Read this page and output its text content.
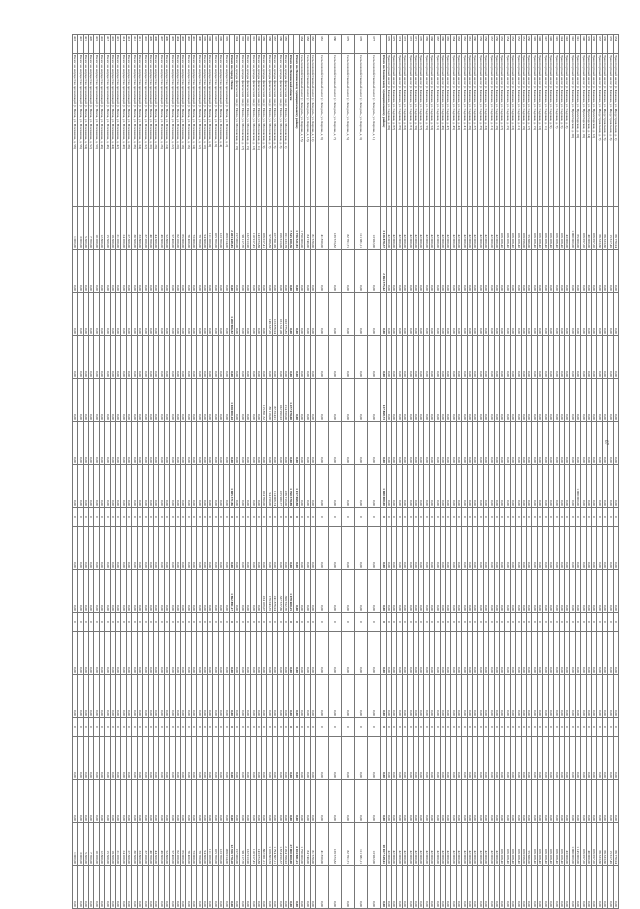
334	Транспортный налог (г. Каменка, ул. Индустриальная, д. 1)	66 770,94	0,00	0,00	0,00	0,00	0,00	0,00	0	0,00	0,00	0	0,00	0,00	0	0,00	0,00	66 770,94	0,00
335	Транспортный налог (г. Каменка, ул. Индустриальная, д. 3)	15 617,46	0,00	0,00	0,00	0,00	0,00	0,00	0	0,00	0,00	0	0,00	0,00	0	0,00	0,00	15 617,46	0,00
336	Транспортный налог (г. Каменка, ул. Индустриальная, д. 5)	66 333,60	0,00	0,00	0,00	0,00	0,00	0,00	0	0,00	0,00	0	0,00	0,00	0	0,00	0,00	66 333,60	0,00
337	Транспортный налог (г. Каменка, ул. Индустриальная, д. 7)	66 333,60	0,00	0,00	0,00	0,00	0,00	0,00	0	0,00	0,00	0	0,00	0,00	0	0,00	0,00	66 333,60	0,00
338	Транспортный налог (г. Каменка, ул. Пролетарская, д. 12)	106 057,20	0,00	0,00	0,00	0,00	0,00	0,00	0	0,00	0,00	0	0,00	0,00	0	0,00	0,00	106 057,20	0,00
339	Транспортный налог (г. Каменка, ул. Пролетарская, д. 14)	40 000,00	0,00	0,00	0,00	0,00	0,00	0,00	0	0,00	0,00	0	0,00	0,00	0	0,00	0,00	40 000,00	0,00
340	Транспортный налог (г. Каменка, ул. Пролетарская, д. 16)	106 057,20	0,00	0,00	0,00	0,00	0,00	0,00	0	0,00	0,00	0	0,00	0,00	0	0,00	0,00	106 057,20	0,00
341	Транспортный налог (г. Каменка, ул. Пролетарская, д. 18)	65 000,00	0,00	0,00	0,00	0,00	0,00	1 080 000,00	0	0,00	0,00	0	0,00	0,00	0	0,00	0,00	1 145 000,00	0,00
342	Транспортный налог (г. Каменка, ул. Пролетарская, д. 20)	1 080 000,00	0,00	0,00	0,00	0,00	0,00	0,00	0	0,00	0,00	0	0,00	0,00	0	0,00	0,00	1 080 000,00	0,00
343	Транспортный налог (г. Каменка, ул. Садовая, д. 3)	43 000,00	0,00	0,00	0,00	0,00	0,00	0,00	0	0,00	0,00	0	0,00	0,00	0	0,00	0,00	43 000,00	0,00
344	Транспортный налог (г. Каменка, ул. Садовая, д. 5)	106 208,40	0,00	0,00	0,00	0,00	0,00	0,00	0	0,00	0,00	0	0,00	0,00	0	0,00	0,00	106 208,40	0,00
345	Транспортный налог (г. Каменка, ул. Садовая, д. 7)	106 208,40	0,00	0,00	0,00	0,00	0,00	0,00	0	0,00	0,00	0	0,00	0,00	0	0,00	0,00	106 208,40	0,00
346	Транспортный налог (г. Каменка, ул. Садовая, д. 9)	106 208,40	0,00	0,00	0,00	0,00	0,00	0,00	0	0,00	0,00	0	0,00	0,00	0	0,00	0,00	106 208,40	0,00
347	Транспортный налог (г. Каменка, ул. Садовая, д. 11)	106 208,40	0,00	0,00	0,00	0,00	0,00	0,00	0	0,00	0,00	0	0,00	0,00	0	0,00	0,00	106 208,40	0,00
348	Транспортный налог (г. Каменка, ул. Садовая, д. 13)	106 208,40	0,00	0,00	0,00	0,00	0,00	0,00	0	0,00	0,00	0	0,00	0,00	0	0,00	0,00	106 208,40	0,00
349	Транспортный налог (г. Каменка, ул. Садовая, д. 15)	106 208,40	0,00	0,00	0,00	0,00	0,00	0,00	0	0,00	0,00	0	0,00	0,00	0	0,00	0,00	106 208,40	0,00
350	Транспортный налог (г. Каменка, ул. Садовая, д. 17)	55 680,00	0,00	0,00	0,00	0,00	0,00	0,00	0	0,00	0,00	0	0,00	0,00	0	0,00	0,00	55 680,00	0,00
351	Транспортный налог (г. Каменка, ул. Садовая, д. 19)	108 058,00	0,00	0,00	0,00	0,00	0,00	0,00	0	0,00	0,00	0	0,00	0,00	0	0,00	0,00	108 058,00	0,00
352	Транспортный налог (г. Каменка, ул. Садовая, д. 21)	106 208,40	0,00	0,00	0,00	0,00	0,00	0,00	0	0,00	0,00	0	0,00	0,00	0	0,00	0,00	106 208,40	0,00
353	Транспортный налог (г. Каменка, ул. Садовая, д. 23)	106 208,40	0,00	0,00	0,00	0,00	0,00	0,00	0	0,00	0,00	0	0,00	0,00	0	0,00	0,00	106 208,40	0,00
354	Транспортный налог (г. Каменка, ул. Садовая, д. 25)	106 208,40	0,00	0,00	0,00	0,00	0,00	0,00	0	0,00	0,00	0	0,00	0,00	0	0,00	0,00	106 208,40	0,00
355	Транспортный налог (г. Каменка, ул. Садовая, д. 27)	106 208,40	0,00	0,00	0,00	0,00	0,00	0,00	0	0,00	0,00	0	0,00	0,00	0	0,00	0,00	106 208,40	0,00
356	Транспортный налог (г. Каменка, ул. Садовая, д. 29)	42 000,00	0,00	0,00	0,00	0,00	0,00	0,00	0	0,00	0,00	0	0,00	0,00	0	0,00	0,00	42 000,00	0,00
357	Транспортный налог (г. Каменка, ул. Садовая, д. 31)	42 000,00	0,00	0,00	0,00	0,00	0,00	0,00	0	0,00	0,00	0	0,00	0,00	0	0,00	0,00	42 000,00	0,00
358	Транспортный налог (г. Каменка, ул. Садовая, д. 33)	42 000,00	0,00	0,00	0,00	0,00	0,00	0,00	0	0,00	0,00	0	0,00	0,00	0	0,00	0,00	42 000,00	0,00
359	Транспортный налог (г. Каменка, ул. Садовая, д. 35)	42 000,00	0,00	0,00	0,00	0,00	0,00	0,00	0	0,00	0,00	0	0,00	0,00	0	0,00	0,00	42 000,00	0,00
360	Транспортный налог (г. Каменка, ул. Садовая, д. 37)	42 000,00	0,00	0,00	0,00	0,00	0,00	0,00	0	0,00	0,00	0	0,00	0,00	0	0,00	0,00	42 000,00	0,00
361	Транспортный налог (г. Каменка, ул. Садовая, д. 39)	42 000,00	0,00	0,00	0,00	0,00	0,00	0,00	0	0,00	0,00	0	0,00	0,00	0	0,00	0,00	42 000,00	0,00
362	Транспортный налог (г. Каменка, ул. Садовая, д. 41)	42 000,00	0,00	0,00	0,00	0,00	0,00	0,00	0	0,00	0,00	0	0,00	0,00	0	0,00	0,00	42 000,00	0,00
363	Транспортный налог (г. Каменка, ул. Садовая, д. 43)	42 000,00	0,00	0,00	0,00	0,00	0,00	0,00	0	0,00	0,00	0	0,00	0,00	0	0,00	0,00	42 000,00	0,00
364	Транспортный налог (г. Каменка, ул. Садовая, д. 45)	42 000,00	0,00	0,00	0,00	0,00	0,00	0,00	0	0,00	0,00	0	0,00	0,00	0	0,00	0,00	42 000,00	0,00
365	Транспортный налог (г. Каменка, ул. Садовая, д. 47)	42 000,00	0,00	0,00	0,00	0,00	0,00	0,00	0	0,00	0,00	0	0,00	0,00	0	0,00	0,00	42 000,00	0,00
366	Транспортный налог (г. Каменка, ул. Садовая, д. 49)	42 000,00	0,00	0,00	0,00	0,00	0,00	0,00	0	0,00	0,00	0	0,00	0,00	0	0,00	0,00	42 000,00	0,00
367	Транспортный налог (г. Каменка, ул. Садовая, д. 51)	42 000,00	0,00	0,00	0,00	0,00	0,00	0,00	0	0,00	0,00	0	0,00	0,00	0	0,00	0,00	42 000,00	0,00
368	Транспортный налог (г. Каменка, ул. Садовая, д. 53)	42 000,00	0,00	0,00	0,00	0,00	0,00	0,00	0	0,00	0,00	0	0,00	0,00	0	0,00	0,00	42 000,00	0,00
369	Транспортный налог (г. Каменка, ул. Садовая, д. 55)	42 000,00	0,00	0,00	0,00	0,00	0,00	0,00	0	0,00	0,00	0	0,00	0,00	0	0,00	0,00	42 000,00	0,00
370	Транспортный налог (г. Каменка, ул. Садовая, д. 57)	42 000,00	0,00	0,00	0,00	0,00	0,00	0,00	0	0,00	0,00	0	0,00	0,00	0	0,00	0,00	42 000,00	0,00
371	Транспортный налог (г. Каменка, ул. Садовая, д. 59)	42 000,00	0,00	0,00	0,00	0,00	0,00	0,00	0	0,00	0,00	0	0,00	0,00	0	0,00	0,00	42 000,00	0,00
372	Транспортный налог (г. Каменка, ул. Садовая, д. 61)	42 000,00	0,00	0,00	0,00	0,00	0,00	0,00	0	0,00	0,00	0	0,00	0,00	0	0,00	0,00	42 000,00	0,00
373	Транспортный налог (г. Каменка, ул. Садовая, д. 63)	42 000,00	0,00	0,00	0,00	0,00	0,00	0,00	0	0,00	0,00	0	0,00	0,00	0	0,00	0,00	42 000,00	0,00
374	Транспортный налог (г. Каменка, ул. Садовая, д. 65)	42 000,00	0,00	0,00	0,00	0,00	0,00	0,00	0	0,00	0,00	0	0,00	0,00	0	0,00	0,00	42 000,00	0,00
375	Транспортный налог (г. Каменка, ул. Садовая, д. 67)	42 000,00	0,00	0,00	0,00	0,00	0,00	0,00	0	0,00	0,00	0	0,00	0,00	0	0,00	0,00	42 000,00	0,00
376	Транспортный налог (г. Каменка, ул. Садовая, д. 69)	42 000,00	0,00	0,00	0,00	0,00	0,00	0,00	0	0,00	0,00	0	0,00	0,00	0	0,00	0,00	42 000,00	0,00
	Итого по Каменскому муниципальному району	3 136 870,37	2 064 575,62	0,00	0,00	137 869,73	0,00	1 080 000,00	0	0,00	0,00	0	0,00	0,00	0	0,00	0,00	10 657 549,61	0,00
377	Сельскохозяйственный налог (с. Кондоль, ул. Кирова, д. 1)	13 982,00	0,00	0,00	0,00	0,00	0,00	0,00	0	0,00	0,00	0	0,00	0,00	0	0,00	0,00	13 982,00	0,00
378	Сельскохозяйственный налог (с. Кондоль, ул. Кирова, д. 3)	111 981,11	0,00	0,00	0,00	0,00	0,00	0,00	0	0,00	0,00	0	0,00	0,00	0	0,00	0,00	111 981,11	0,00
379	Сельскохозяйственный налог (с. Кондоль, ул. Кирова, д. 5)	82 761,71	0,00	0,00	0,00	0,00	0,00	0,00	0	0,00	0,00	0	0,00	0,00	0	0,00	0,00	82 761,71	0,00
380	Сельскохозяйственный налог (с. Кондоль, ул. Кирова, д. 7)	139 573,82	0,00	0,00	0,00	0,00	0,00	0,00	0	0,00	0,00	0	0,00	0,00	0	0,00	0,00	139 573,82	0,00
381	Сельскохозяйственный налог (с. Кондоль, ул. Кирова, д. 9)	41 850,00	0,00	0,00	0,00	0,00	0,00	0,00	0	0,00	0,00	0	0,00	0,00	0	0,00	0,00	41 850,00	0,00
382	Сельскохозяйственный налог (с. Кондоль, ул. Кирова, д. 11)	81 570,00	0,00	0,00	0,00	0,00	0,00	0,00	0	0,00	0,00	0	0,00	0,00	0	0,00	0,00	81 570,00	0,00
383	Сельскохозяйственный налог (с. Кондоль, ул. Кирова, д. 13)	84 740,00	0,00	0,00	0,00	0,00	0,00	0,00	0	0,00	0,00	0	0,00	0,00	0	0,00	0,00	84 740,00	0,00
384	Сельскохозяйственный налог (с. Кондоль, ул. Кирова, д. 15)	1 750 000,00	0,00	0,00	0,00	0,00	0,00	0,00	0	0,00	0,00	0	0,00	0,00	0	0,00	0,00	1 750 000,00	0,00
	Итого по Пензенскому муниципальному району	1 736 521,91	0,00	0,00	0,00	0,00	0,00	1 157 069,98	0	0,00	0,00	0	0,00	0,00	0	0,00	0,00	4 104 981,21	0,00
	Итого по Пензенской области	7 545 100,36	0,00	0,00	0,00	1 477 078,00	0,00	1 760 578,99	0	0,00	1 079 600,25	0	0,00	0,00	0	0,00	0,00	27 000 000,00	0,00
385	Налог на доходы физических лиц (г. Пенза, ул. Московская, д. 1)	161 233,78	0,00	183 775,85	0,00	214 350,00	0,00	236 719,00	0	0,00	398 552,70	0	0,00	0,00	0	0,00	0,00	2 264 768,93	0,00
386	Налог на доходы физических лиц (г. Пенза, ул. Московская, д. 3)	166 613,06	0,00	161 311,08	0,00	182 990,93	0,00	225 980,77	0	0,00	337 577,66	0	0,00	0,00	0	0,00	0,00	1 874 050,37	0,00
387	Налог на доходы физических лиц (г. Пенза, ул. Московская, д. 5)	227 691,96	0,00	123 876,94	0,00	87 354,91	0,00	114 006,74	0	0,00	241 876,94	0	0,00	0,00	0	0,00	0,00	1 794 807,11	0,00
388	Налог на доходы физических лиц (г. Пенза, ул. Московская, д. 7)	97 066,88	0,00	148 337,26	0,00	89 118,00	0,00	94 250,00	0	0,00	176 043,35	0	0,00	0,00	0	0,00	0,00	1 108 803,59	0,00
389	Налог на доходы физических лиц (г. Пенза, ул. Московская, д. 9)	106 017,41	0,00	0,00	0,00	115 891,52	0,00	104 760,00	0	0,00	234 109,07	0	0,00	0,00	0	0,00	0,00	882 001,21	0,00
390	Налог на доходы физических лиц (г. Пенза, ул. Московская, д. 11)	143 073,88	0,00	0,00	0,00	0,00	0,00	0,00	0	0,00	0,00	0	0,00	0,00	0	0,00	0,00	143 073,88	0,00
391	Налог на доходы физических лиц (г. Пенза, ул. Московская, д. 13)	110 917,45	0,00	0,00	0,00	0,00	0,00	0,00	0	0,00	0,00	0	0,00	0,00	0	0,00	0,00	110 917,45	0,00
392	Налог на доходы физических лиц (г. Пенза, ул. Московская, д. 15)	132 913,90	0,00	0,00	0,00	0,00	0,00	0,00	0	0,00	0,00	0	0,00	0,00	0	0,00	0,00	132 913,90	0,00
393	Налог на доходы физических лиц (г. Пенза, ул. Московская, д. 17)	98 117,70	0,00	0,00	0,00	0,00	0,00	0,00	0	0,00	0,00	0	0,00	0,00	0	0,00	0,00	98 117,70	0,00
394	Налог на доходы физических лиц (г. Пенза, ул. Московская, д. 19)	157 000,00	0,00	0,00	0,00	0,00	0,00	0,00	0	0,00	0,00	0	0,00	0,00	0	0,00	0,00	157 000,00	0,00
	Итого по городу Пенза	2 283 649,85	0,00	1 200 906,92	0,00	1 038 000,18	0,00	1 085 371,96	0	0,00	1 962 891,17	0	0,00	0,00	0	0,00	0,00	12 356 770,20	0,00
395	Налог на имущество организаций (г. Пенза, ул. Плеханова, д. 2)	208 014,00	0,00	0,00	0,00	0,00	0,00	0,00	0	0,00	0,00	0	0,00	0,00	0	0,00	0,00	208 014,00	0,00
396	Налог на имущество организаций (г. Пенза, ул. Плеханова, д. 4)	123 700,00	0,00	0,00	0,00	0,00	0,00	0,00	0	0,00	0,00	0	0,00	0,00	0	0,00	0,00	123 700,00	0,00
397	Налог на имущество организаций (г. Пенза, ул. Плеханова, д. 6)	105 700,00	0,00	0,00	0,00	0,00	0,00	0,00	0	0,00	0,00	0	0,00	0,00	0	0,00	0,00	105 700,00	0,00
398	Налог на имущество организаций (г. Пенза, ул. Плеханова, д. 8)	111 200,00	0,00	0,00	0,00	0,00	0,00	0,00	0	0,00	0,00	0	0,00	0,00	0	0,00	0,00	111 200,00	0,00
399	Налог на имущество организаций (г. Пенза, ул. Плеханова, д. 10)	94 600,00	0,00	0,00	0,00	0,00	0,00	0,00	0	0,00	0,00	0	0,00	0,00	0	0,00	0,00	94 600,00	0,00
400	Налог на имущество организаций (г. Пенза, ул. Плеханова, д. 12)	79 700,00	0,00	0,00	0,00	0,00	0,00	0,00	0	0,00	0,00	0	0,00	0,00	0	0,00	0,00	79 700,00	0,00
401	Налог на имущество организаций (г. Пенза, ул. Плеханова, д. 14)	73 000,00	0,00	0,00	0,00	0,00	0,00	0,00	0	0,00	0,00	0	0,00	0,00	0	0,00	0,00	73 000,00	0,00
402	Налог на имущество организаций (г. Пенза, ул. Плеханова, д. 16)	70 400,00	0,00	0,00	0,00	0,00	0,00	0,00	0	0,00	0,00	0	0,00	0,00	0	0,00	0,00	70 400,00	0,00
403	Налог на имущество организаций (г. Пенза, ул. Плеханова, д. 18)	65 000,00	0,00	0,00	0,00	0,00	0,00	0,00	0	0,00	0,00	0	0,00	0,00	0	0,00	0,00	65 000,00	0,00
404	Налог на имущество организаций (г. Пенза, ул. Плеханова, д. 20)	62 200,00	0,00	0,00	0,00	0,00	0,00	0,00	0	0,00	0,00	0	0,00	0,00	0	0,00	0,00	62 200,00	0,00
405	Налог на имущество организаций (г. Пенза, ул. Плеханова, д. 22)	57 400,00	0,00	0,00	0,00	0,00	0,00	0,00	0	0,00	0,00	0	0,00	0,00	0	0,00	0,00	57 400,00	0,00
406	Налог на имущество организаций (г. Пенза, ул. Плеханова, д. 24)	52 800,00	0,00	0,00	0,00	0,00	0,00	0,00	0	0,00	0,00	0	0,00	0,00	0	0,00	0,00	52 800,00	0,00
407	Налог на имущество организаций (г. Пенза, ул. Плеханова, д. 26)	48 600,00	0,00	0,00	0,00	0,00	0,00	0,00	0	0,00	0,00	0	0,00	0,00	0	0,00	0,00	48 600,00	0,00
408	Налог на имущество организаций (г. Пенза, ул. Плеханова, д. 28)	44 300,00	0,00	0,00	0,00	0,00	0,00	0,00	0	0,00	0,00	0	0,00	0,00	0	0,00	0,00	44 300,00	0,00
409	Налог на имущество организаций (г. Пенза, ул. Плеханова, д. 30)	40 700,00	0,00	0,00	0,00	0,00	0,00	0,00	0	0,00	0,00	0	0,00	0,00	0	0,00	0,00	40 700,00	0,00
410	Налог на имущество организаций (г. Пенза, ул. Плеханова, д. 32)	37 200,00	0,00	0,00	0,00	0,00	0,00	0,00	0	0,00	0,00	0	0,00	0,00	0	0,00	0,00	37 200,00	0,00
411	Налог на имущество организаций (г. Пенза, ул. Плеханова, д. 34)	33 800,00	0,00	0,00	0,00	0,00	0,00	0,00	0	0,00	0,00	0	0,00	0,00	0	0,00	0,00	33 800,00	0,00
412	Налог на имущество организаций (г. Пенза, ул. Плеханова, д. 36)	30 500,00	0,00	0,00	0,00	0,00	0,00	0,00	0	0,00	0,00	0	0,00	0,00	0	0,00	0,00	30 500,00	0,00
413	Налог на имущество организаций (г. Пенза, ул. Плеханова, д. 38)	27 300,00	0,00	0,00	0,00	0,00	0,00	0,00	0	0,00	0,00	0	0,00	0,00	0	0,00	0,00	27 300,00	0,00
414	Налог на имущество организаций (г. Пенза, ул. Плеханова, д. 40)	24 200,00	0,00	0,00	0,00	0,00	0,00	0,00	0	0,00	0,00	0	0,00	0,00	0	0,00	0,00	24 200,00	0,00
415	Налог на имущество организаций (г. Пенза, ул. Плеханова, д. 42)	21 200,00	0,00	0,00	0,00	0,00	0,00	0,00	0	0,00	0,00	0	0,00	0,00	0	0,00	0,00	21 200,00	0,00
416	Налог на имущество организаций (г. Пенза, ул. Плеханова, д. 44)	18 300,00	0,00	0,00	0,00	0,00	0,00	0,00	0	0,00	0,00	0	0,00	0,00	0	0,00	0,00	18 300,00	0,00
417	Налог на имущество организаций (г. Пенза, ул. Плеханова, д. 46)	15 500,00	0,00	0,00	0,00	0,00	0,00	0,00	0	0,00	0,00	0	0,00	0,00	0	0,00	0,00	15 500,00	0,00
418	Налог на имущество организаций (г. Пенза, ул. Плеханова, д. 48)	12 800,00	0,00	0,00	0,00	0,00	0,00	0,00	0	0,00	0,00	0	0,00	0,00	0	0,00	0,00	12 800,00	0,00
419	Налог на имущество организаций (г. Пенза, ул. Плеханова, д. 50)	10 200,00	0,00	0,00	0,00	0,00	0,00	0,00	0	0,00	0,00	0	0,00	0,00	0	0,00	0,00	10 200,00	0,00
420	Налог на имущество организаций (г. Пенза, ул. Плеханова, д. 52)	7 700,00	0,00	0,00	0,00	0,00	0,00	0,00	0	0,00	0,00	0	0,00	0,00	0	0,00	0,00	7 700,00	0,00
421	Налог на имущество организаций (г. Пенза, ул. Плеханова, д. 54)	5 300,00	0,00	0,00	0,00	0,00	0,00	0,00	0	0,00	0,00	0	0,00	0,00	0	0,00	0,00	5 300,00	0,00
422	Налог на имущество организаций (г. Пенза, ул. Плеханова, д. 56)	3 000,00	0,00	0,00	0,00	0,00	0,00	0,00	0	0,00	0,00	0	0,00	0,00	0	0,00	0,00	3 000,00	0,00
423	Налог на имущество организаций (г. Пенза, ул. Плеханова, д. 58)	1 000,00	0,00	0,00	0,00	0,00	0,00	0,00	0	0,00	0,00	0	0,00	0,00	0	0,00	0,00	1 000,00	0,00
67
